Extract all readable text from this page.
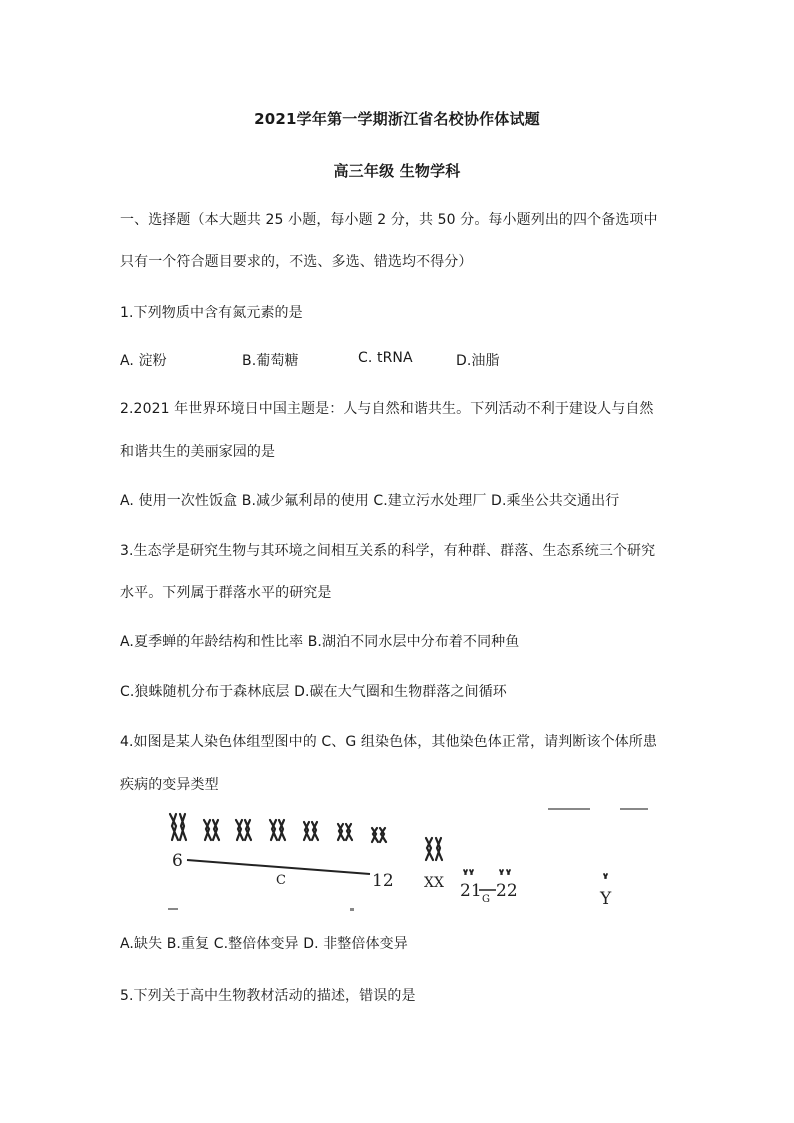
2021学年第一学期浙江省名校协作体试题
高三年级 生物学科
一、选择题（本大题共 25 小题，每小题 2 分，共 50 分。每小题列出的四个备选项中
只有一个符合题目要求的，不选、多选、错选均不得分）
1.下列物质中含有氮元素的是
A. 淀粉	B.葡萄糖	C. tRNA	D.油脂
2.2021 年世界环境日中国主题是：人与自然和谐共生。下列活动不利于建设人与自然
和谐共生的美丽家园的是
A. 使用一次性饭盒 B.减少氟利昂的使用 C.建立污水处理厂 D.乘坐公共交通出行
3.生态学是研究生物与其环境之间相互关系的科学，有种群、群落、生态系统三个研究
水平。下列属于群落水平的研究是
A.夏季蝉的年龄结构和性比率 B.湖泊不同水层中分布着不同种鱼
C.狼蛛随机分布于森林底层 D.碳在大气圈和生物群落之间循环
4.如图是某人染色体组型图中的 C、G 组染色体，其他染色体正常，请判断该个体所患
疾病的变异类型
6
12
C	XX 21 G 22	Y
A.缺失 B.重复 C.整倍体变异 D. 非整倍体变异
5.下列关于高中生物教材活动的描述，错误的是
